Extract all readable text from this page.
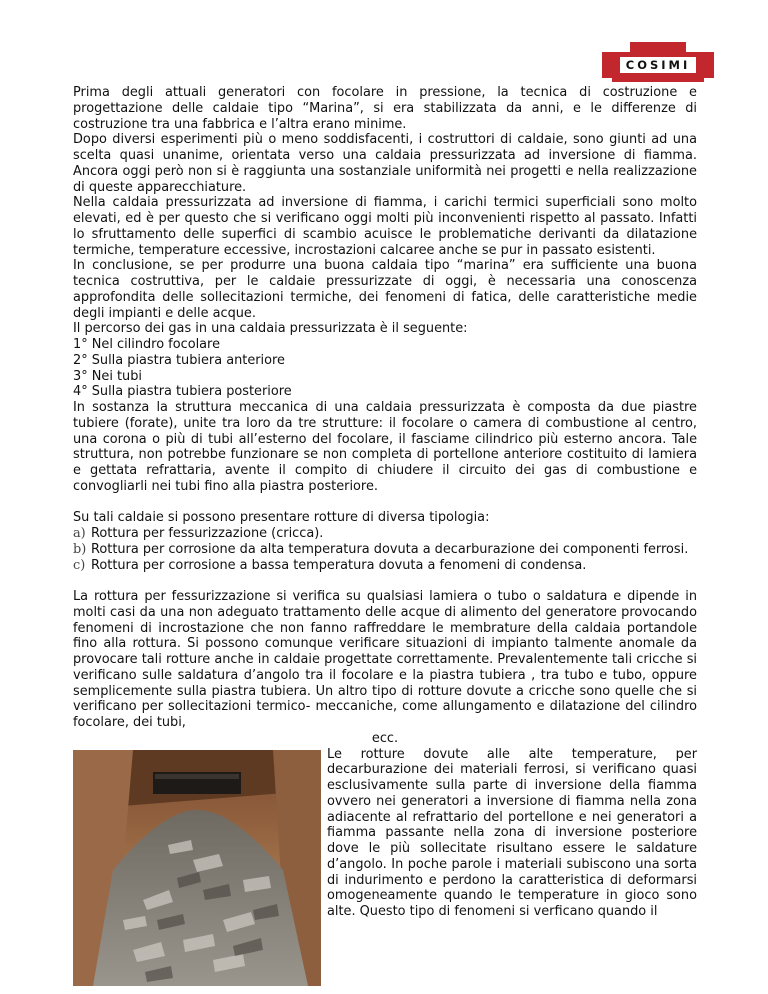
COSIMI

Prima degli attuali generatori con focolare in pressione, la tecnica di costruzione e progettazione delle caldaie tipo “Marina”, si era stabilizzata da anni, e le differenze di costruzione tra una fabbrica e l’altra erano minime.

Dopo diversi esperimenti più o meno soddisfacenti, i costruttori di caldaie, sono giunti ad una scelta quasi unanime, orientata verso una caldaia pressurizzata ad inversione di fiamma. Ancora oggi però non si è raggiunta una sostanziale uniformità nei progetti e nella realizzazione di queste apparecchiature.

Nella caldaia pressurizzata ad inversione di fiamma, i carichi termici superficiali sono molto elevati, ed è per questo che si verificano oggi molti più inconvenienti rispetto al passato. Infatti lo sfruttamento delle superfici di scambio acuisce le problematiche derivanti da dilatazione termiche, temperature eccessive, incrostazioni calcaree anche se pur in passato esistenti.

In conclusione, se per produrre una buona caldaia tipo “marina” era sufficiente una buona tecnica costruttiva, per le caldaie pressurizzate di oggi, è necessaria una conoscenza approfondita delle sollecitazioni termiche, dei fenomeni di fatica, delle caratteristiche medie degli impianti e delle acque.

Il percorso dei gas in una caldaia pressurizzata è il seguente:

1° Nel cilindro focolare

2° Sulla piastra tubiera anteriore

3° Nei tubi

4° Sulla piastra tubiera posteriore

In sostanza la struttura meccanica di una caldaia pressurizzata è composta da due piastre tubiere (forate), unite tra loro da tre strutture: il focolare o camera di combustione al centro, una corona o più di tubi all’esterno del focolare, il fasciame cilindrico più esterno ancora. Tale struttura, non potrebbe funzionare se non completa di portellone anteriore costituito di lamiera e gettata refrattaria, avente il compito di chiudere il circuito dei gas di combustione e convogliarli nei tubi fino alla piastra posteriore.

Su tali caldaie si possono presentare rotture di diversa tipologia:

a) Rottura per fessurizzazione (cricca).
b) Rottura per corrosione da alta temperatura dovuta a decarburazione dei componenti ferrosi.
c) Rottura per corrosione a bassa temperatura dovuta a fenomeni di condensa.

La rottura per fessurizzazione si verifica su qualsiasi lamiera o tubo o saldatura e dipende in molti casi da una non adeguato trattamento delle acque di alimento del generatore provocando fenomeni di incrostazione che non fanno raffreddare le membrature della caldaia portandole fino alla rottura. Si possono comunque verificare situazioni di impianto talmente anomale da provocare tali rotture anche in caldaie progettate correttamente. Prevalentemente tali cricche si verificano sulle saldatura d’angolo tra il focolare e la piastra tubiera , tra tubo e tubo, oppure semplicemente sulla piastra tubiera. Un altro tipo di rotture dovute a cricche sono quelle che si verificano per sollecitazioni termico- meccaniche, come allungamento e dilatazione del cilindro focolare, dei tubi,

ecc.

Le rotture dovute alle alte temperature, per decarburazione dei materiali ferrosi, si verificano quasi esclusivamente sulla parte di inversione della fiamma ovvero nei generatori a inversione di fiamma nella zona adiacente al refrattario del portellone e nei generatori a fiamma passante nella zona di inversione posteriore dove le più sollecitate risultano essere le saldature d’angolo. In poche parole i materiali subiscono una sorta di indurimento e perdono la caratteristica di deformarsi omogeneamente quando le temperature in gioco sono alte. Questo tipo di fenomeni si verficano quando il
